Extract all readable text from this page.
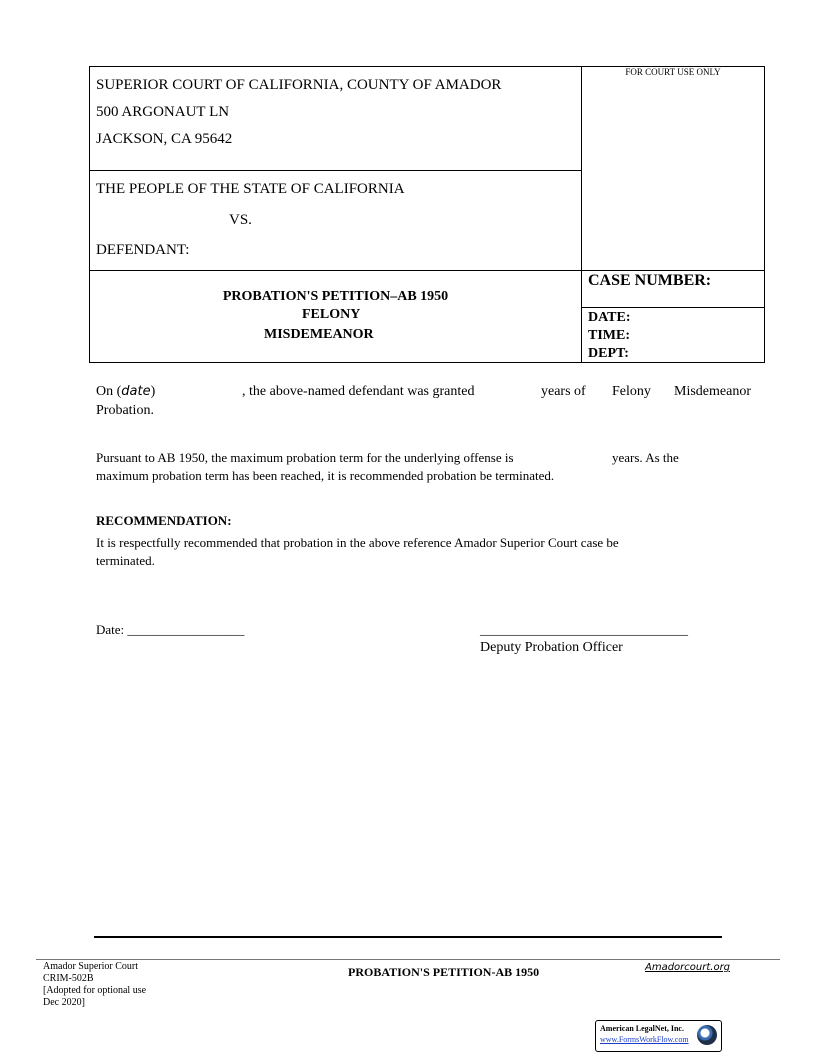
FOR COURT USE ONLY
SUPERIOR COURT OF CALIFORNIA, COUNTY OF AMADOR
500 ARGONAUT LN
JACKSON, CA 95642
THE PEOPLE OF THE STATE OF CALIFORNIA
VS.
DEFENDANT:
PROBATION'S PETITION–AB 1950
FELONY
MISDEMEANOR
CASE NUMBER:
DATE:
TIME:
DEPT:
On (date)	, the above-named defendant was granted	years of Felony Misdemeanor
Probation.
Pursuant to AB 1950, the maximum probation term for the underlying offense is	years. As the
maximum probation term has been reached, it is recommended probation be terminated.
RECOMMENDATION:
It is respectfully recommended that probation in the above reference Amador Superior Court case be
terminated.
Date: __________________	________________________________
Deputy Probation Officer
Amador Superior Court
CRIM-502B
[Adopted for optional use
Dec 2020]
PROBATION'S PETITION-AB 1950	Amadorcourt.org
American LegalNet, Inc.
www.FormsWorkFlow.com
